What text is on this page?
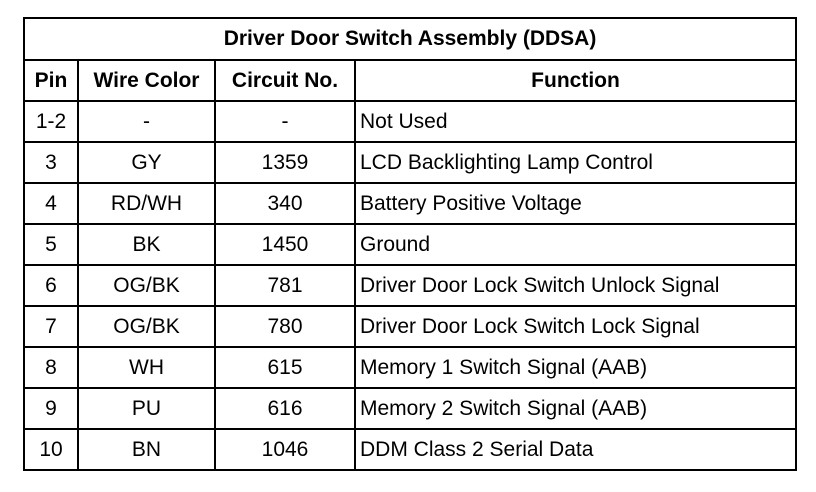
Driver Door Switch Assembly (DDSA)			
Pin	Wire Color	Circuit No.	Function
1-2	-	-	Not Used
3	GY	1359	LCD Backlighting Lamp Control
4	RD/WH	340	Battery Positive Voltage
5	BK	1450	Ground
6	OG/BK	781	Driver Door Lock Switch Unlock Signal
7	OG/BK	780	Driver Door Lock Switch Lock Signal
8	WH	615	Memory 1 Switch Signal (AAB)
9	PU	616	Memory 2 Switch Signal (AAB)
10	BN	1046	DDM Class 2 Serial Data
